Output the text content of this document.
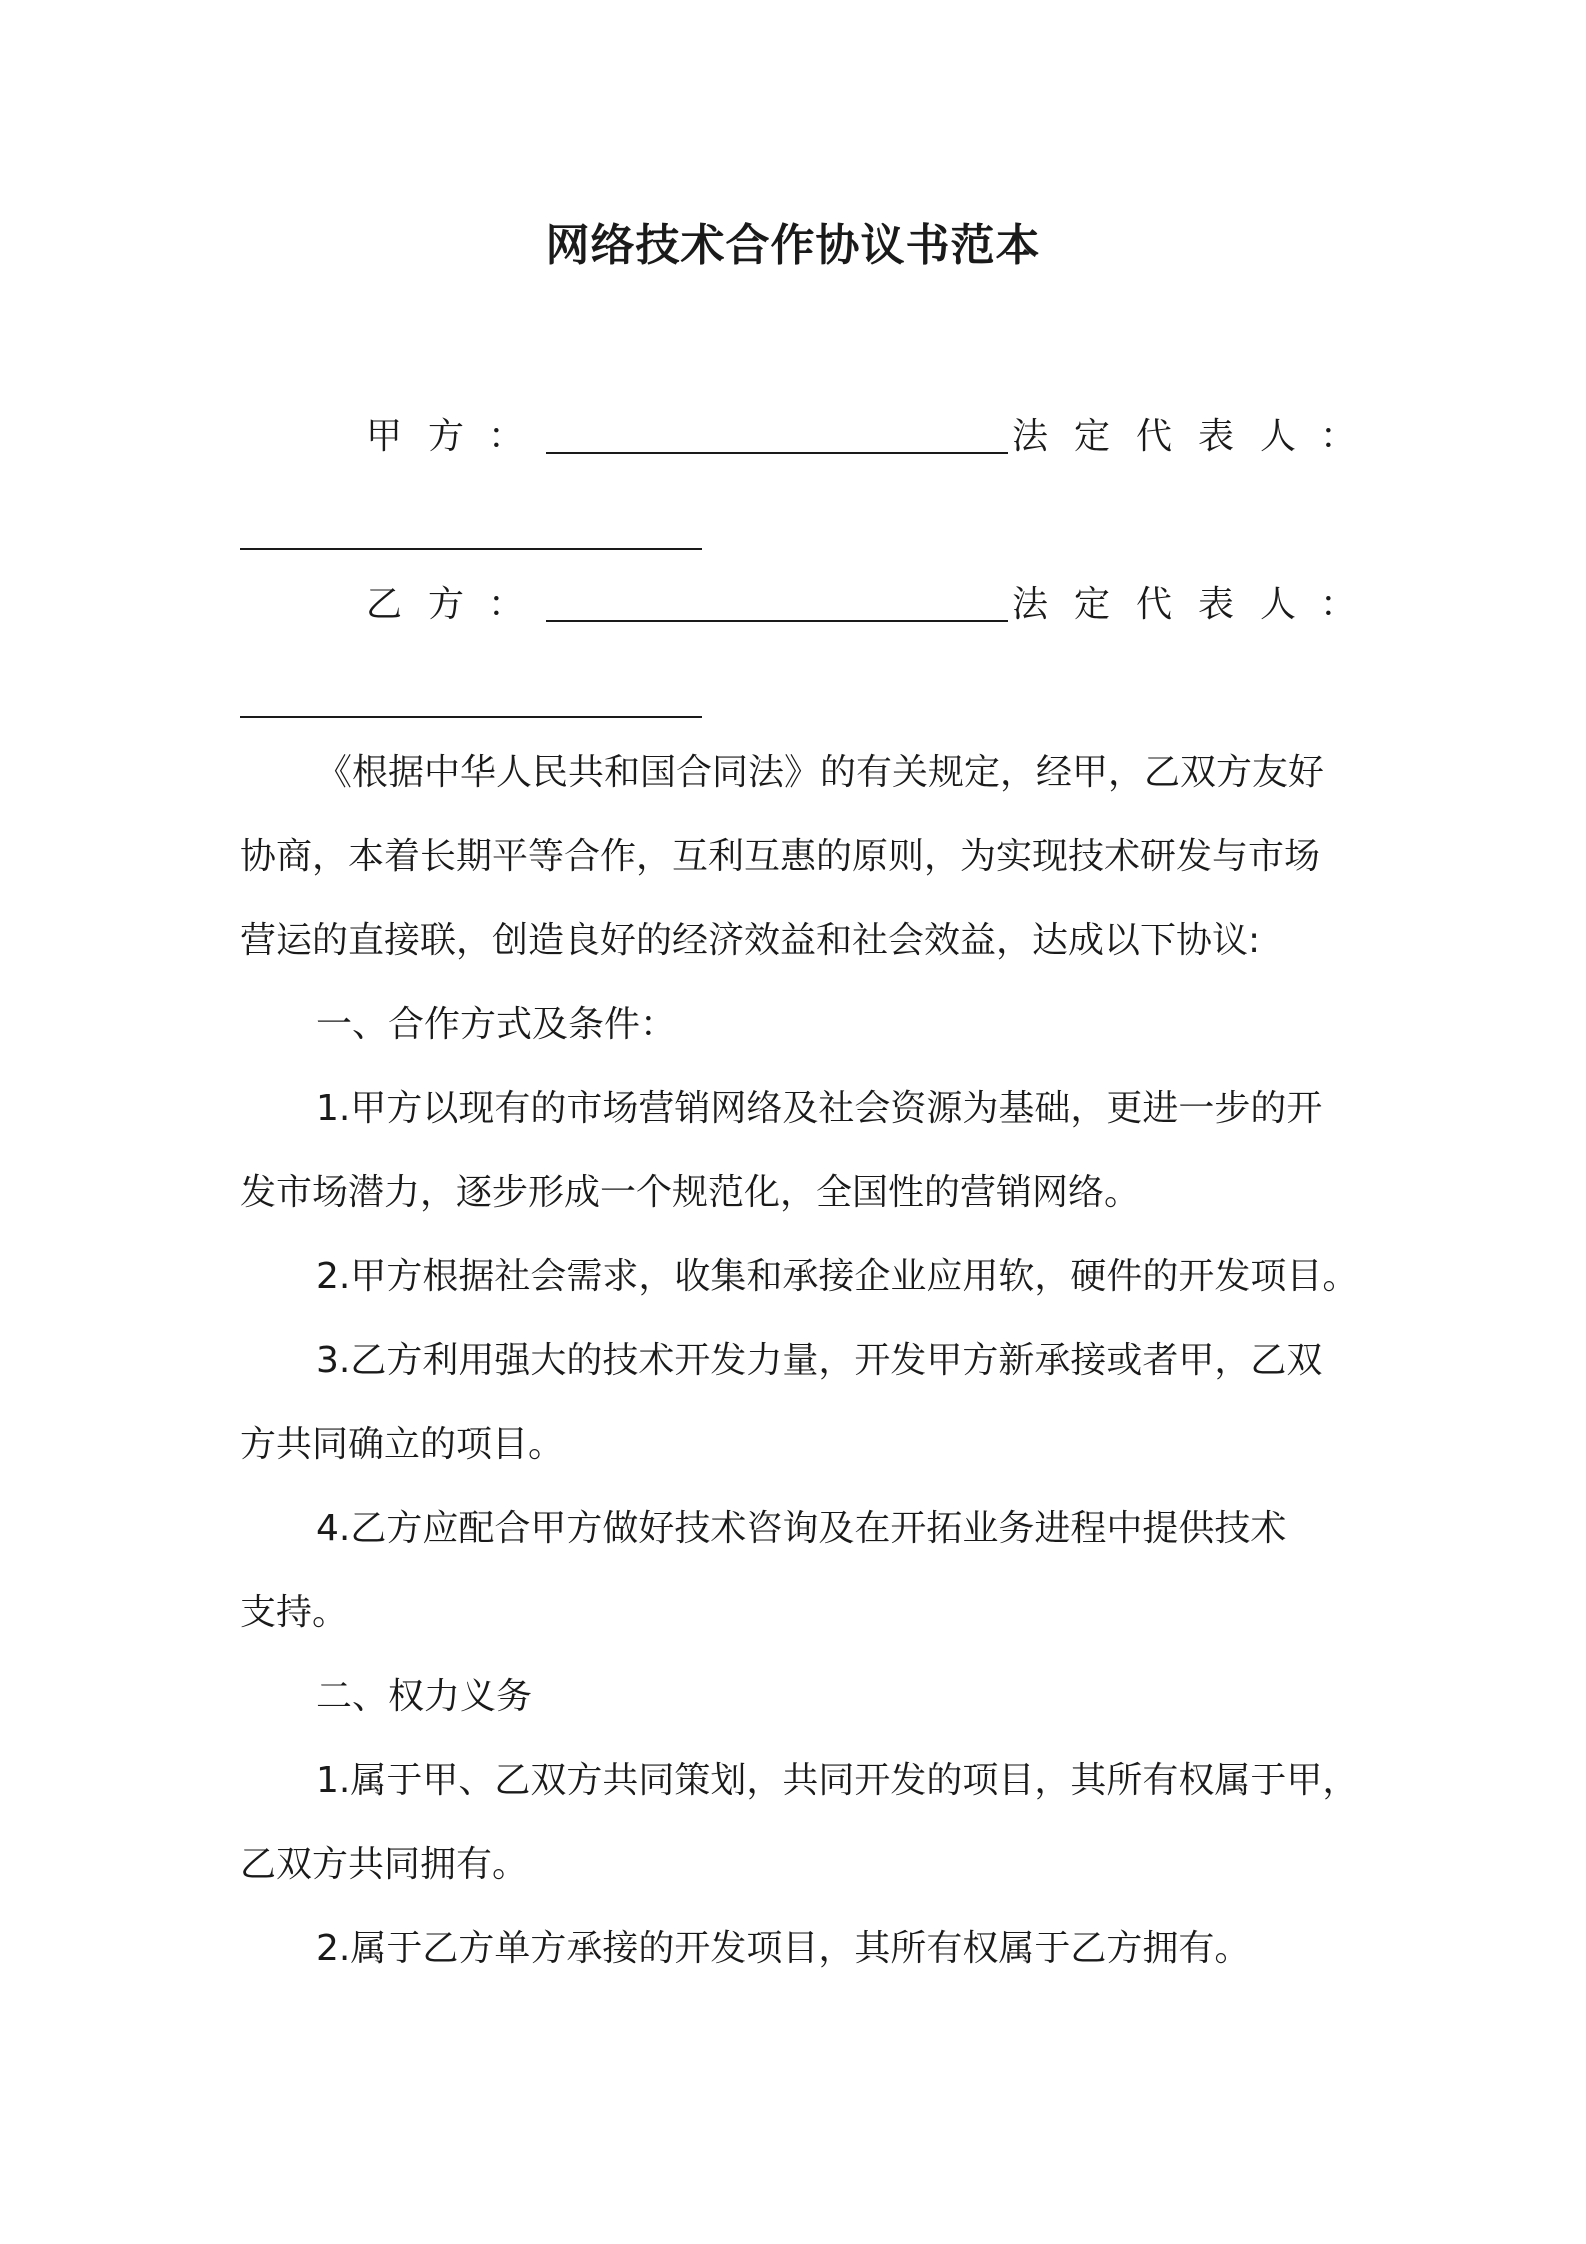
网络技术合作协议书范本
甲方
：	法定代表人
：
乙方
：	法定代表人
：
《根据中华人民共和国合同法》的有关规定，经甲，乙双方友好
协商，本着长期平等合作，互利互惠的原则，为实现技术研发与市场
营运的直接联，创造良好的经济效益和社会效益，达成以下协议:
一、合作方式及条件：
1.甲方以现有的市场营销网络及社会资源为基础，更进一步的开
发市场潜力，逐步形成一个规范化，全国性的营销网络。
2.甲方根据社会需求，收集和承接企业应用软，硬件的开发项目。
3.乙方利用强大的技术开发力量，开发甲方新承接或者甲，乙双
方共同确立的项目。
4.乙方应配合甲方做好技术咨询及在开拓业务进程中提供技术
支持。
二、权力义务
1.属于甲、乙双方共同策划，共同开发的项目，其所有权属于甲，
乙双方共同拥有。
2.属于乙方单方承接的开发项目，其所有权属于乙方拥有。
